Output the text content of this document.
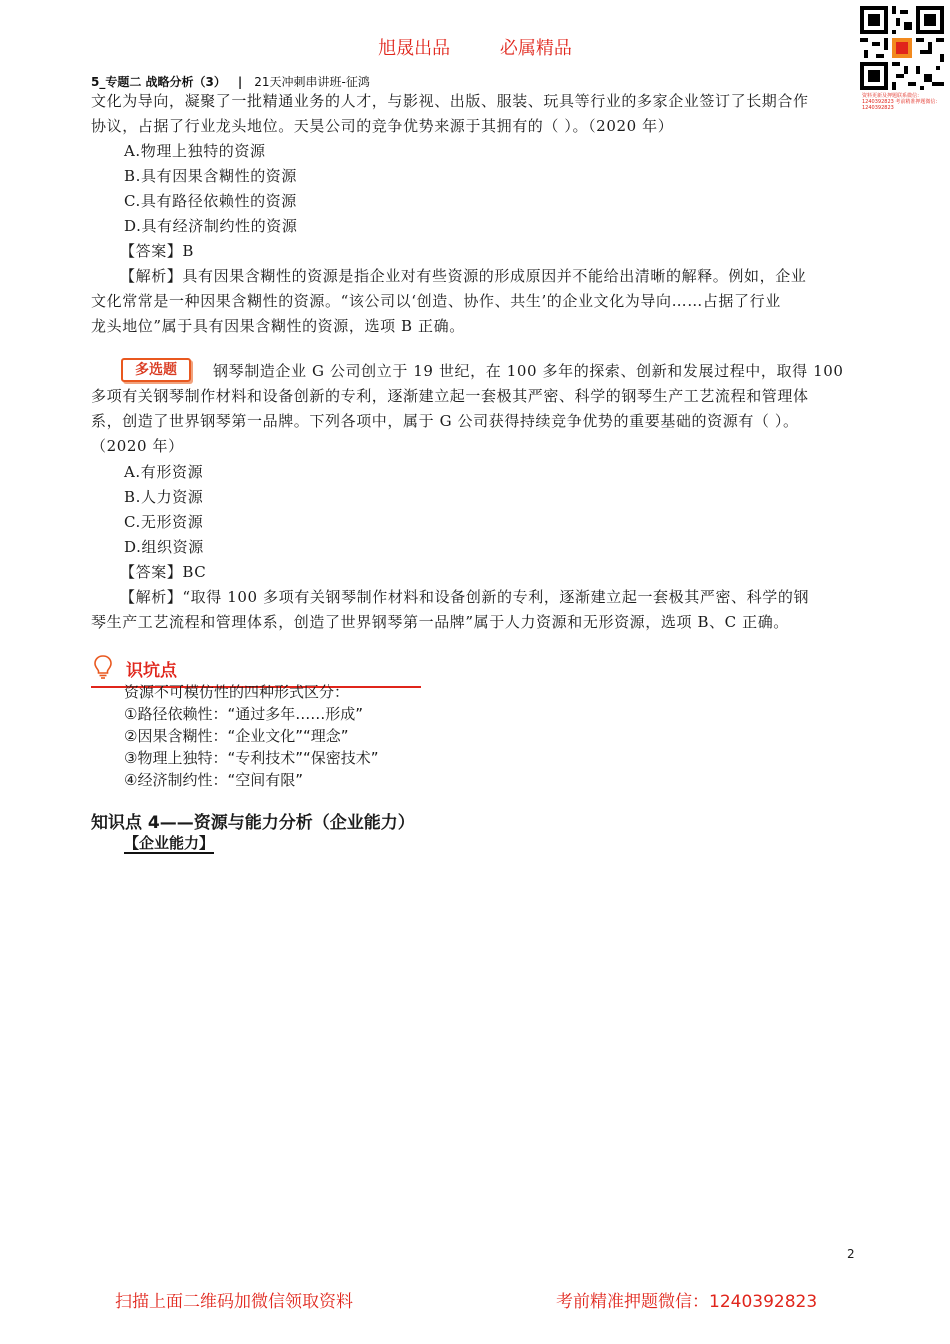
旭晟出品	必属精品
资料更新及押题联系微信：1240392823 考前精准押题微信：1240392823
5_专题二 战略分析（3） | 21天冲刺串讲班-征鸿
文化为导向，凝聚了一批精通业务的人才，与影视、出版、服装、玩具等行业的多家企业签订了长期合作
协议，占据了行业龙头地位。天昊公司的竞争优势来源于其拥有的（ ）。（2020 年）
A.物理上独特的资源
B.具有因果含糊性的资源
C.具有路径依赖性的资源
D.具有经济制约性的资源
【答案】B
【解析】具有因果含糊性的资源是指企业对有些资源的形成原因并不能给出清晰的解释。例如，企业
文化常常是一种因果含糊性的资源。“该公司以‘创造、协作、共生’的企业文化为导向……占据了行业
龙头地位”属于具有因果含糊性的资源，选项 B 正确。
多选题	钢琴制造企业 G 公司创立于 19 世纪，在 100 多年的探索、创新和发展过程中，取得 100
多项有关钢琴制作材料和设备创新的专利，逐渐建立起一套极其严密、科学的钢琴生产工艺流程和管理体
系，创造了世界钢琴第一品牌。下列各项中，属于 G 公司获得持续竞争优势的重要基础的资源有（ ）。
（2020 年）
A.有形资源
B.人力资源
C.无形资源
D.组织资源
【答案】BC
【解析】“取得 100 多项有关钢琴制作材料和设备创新的专利，逐渐建立起一套极其严密、科学的钢
琴生产工艺流程和管理体系，创造了世界钢琴第一品牌”属于人力资源和无形资源，选项 B、C 正确。
识坑点
资源不可模仿性的四种形式区分：
①路径依赖性：“通过多年……形成”
②因果含糊性：“企业文化”“理念”
③物理上独特：“专利技术”“保密技术”
④经济制约性：“空间有限”
知识点 4——资源与能力分析（企业能力）
【企业能力】
2
扫描上面二维码加微信领取资料	考前精准押题微信：1240392823
